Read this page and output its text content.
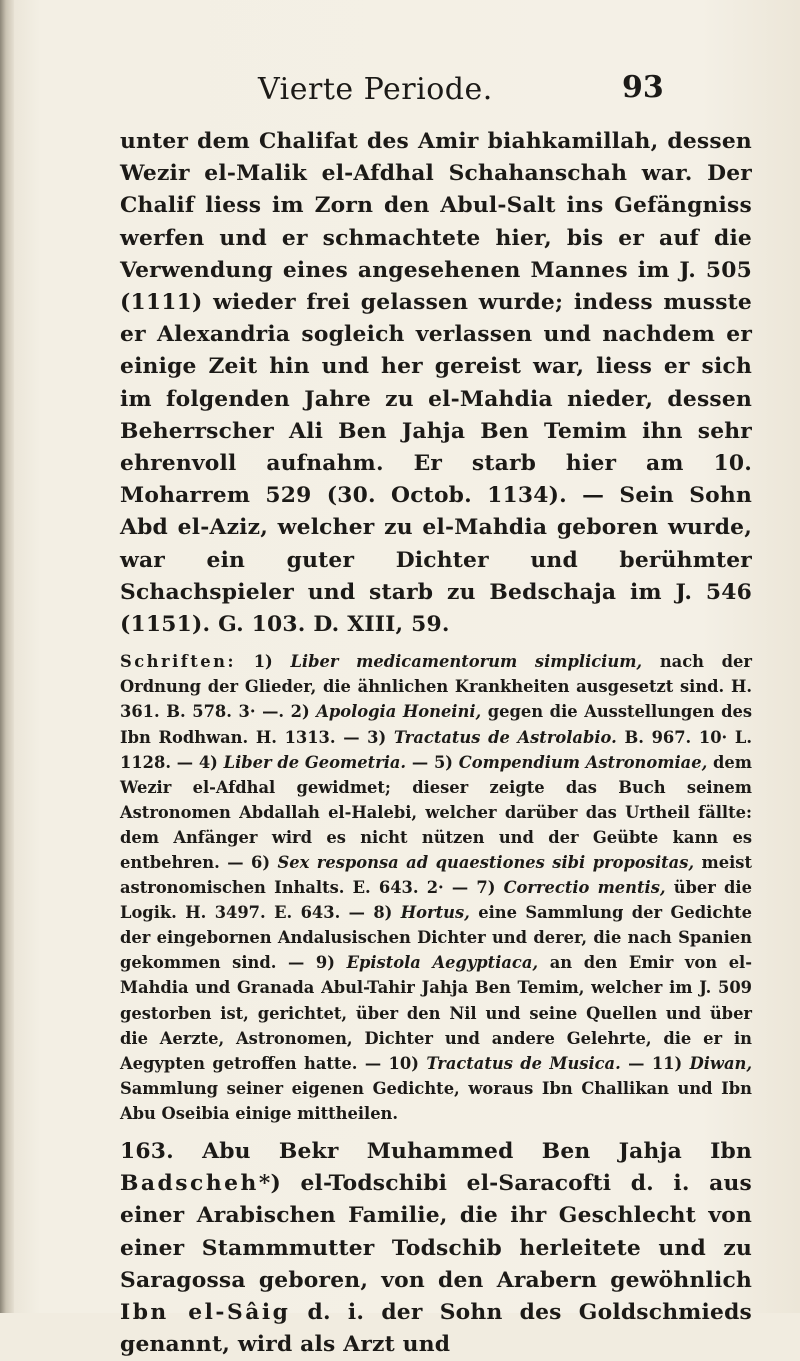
Vierte Periode.	93

unter dem Chalifat des Amir biahkamillah, dessen Wezir el-Malik el-Afdhal Schahanschah war. Der Chalif liess im Zorn den Abul-Salt ins Gefängniss werfen und er schmachtete hier, bis er auf die Verwendung eines angesehenen Mannes im J. 505 (1111) wieder frei gelassen wurde; indess musste er Alexandria sogleich verlassen und nachdem er einige Zeit hin und her gereist war, liess er sich im folgenden Jahre zu el-Mahdia nieder, dessen Beherrscher Ali Ben Jahja Ben Temim ihn sehr ehrenvoll aufnahm. Er starb hier am 10. Moharrem 529 (30. Octob. 1134). — Sein Sohn Abd el-Aziz, welcher zu el-Mahdia geboren wurde, war ein guter Dichter und berühmter Schachspieler und starb zu Bedschaja im J. 546 (1151). G. 103. D. XIII, 59.

Schriften: 1) Liber medicamentorum simplicium, nach der Ordnung der Glieder, die ähnlichen Krankheiten ausgesetzt sind. H. 361. B. 578. 3· —. 2) Apologia Honeini, gegen die Ausstellungen des Ibn Rodhwan. H. 1313. — 3) Tractatus de Astrolabio. B. 967. 10· L. 1128. — 4) Liber de Geometria. — 5) Compendium Astronomiae, dem Wezir el-Afdhal gewidmet; dieser zeigte das Buch seinem Astronomen Abdallah el-Halebi, welcher darüber das Urtheil fällte: dem Anfänger wird es nicht nützen und der Geübte kann es entbehren. — 6) Sex responsa ad quaestiones sibi propositas, meist astronomischen Inhalts. E. 643. 2· — 7) Correctio mentis, über die Logik. H. 3497. E. 643. — 8) Hortus, eine Sammlung der Gedichte der eingebornen Andalusischen Dichter und derer, die nach Spanien gekommen sind. — 9) Epistola Aegyptiaca, an den Emir von el-Mahdia und Granada Abul-Tahir Jahja Ben Temim, welcher im J. 509 gestorben ist, gerichtet, über den Nil und seine Quellen und über die Aerzte, Astronomen, Dichter und andere Gelehrte, die er in Aegypten getroffen hatte. — 10) Tractatus de Musica. — 11) Diwan, Sammlung seiner eigenen Gedichte, woraus Ibn Challikan und Ibn Abu Oseibia einige mittheilen.

163. Abu Bekr Muhammed Ben Jahja Ibn Badscheh*) el-Todschibi el-Saracofti d. i. aus einer Arabischen Familie, die ihr Geschlecht von einer Stammmutter Todschib herleitete und zu Saragossa geboren, von den Arabern gewöhnlich Ibn el-Sâig d. i. der Sohn des Goldschmieds genannt, wird als Arzt und
